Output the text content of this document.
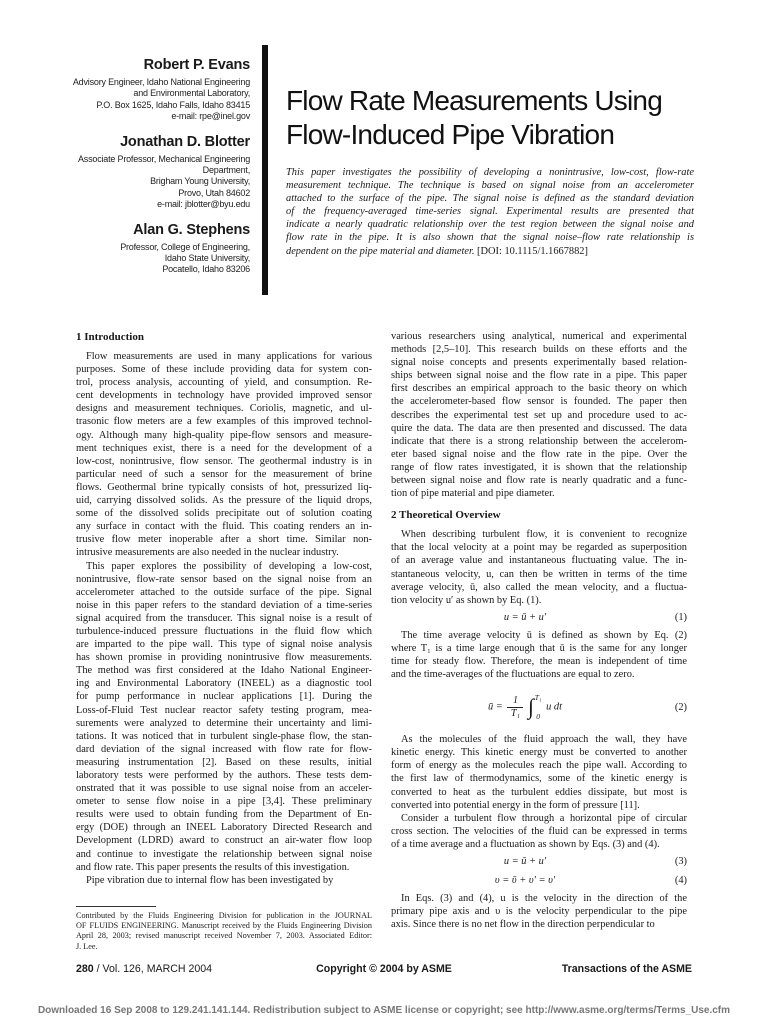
Robert P. Evans
Advisory Engineer, Idaho National Engineering
and Environmental Laboratory,
P.O. Box 1625, Idaho Falls, Idaho 83415
e-mail: rpe@inel.gov
Jonathan D. Blotter
Associate Professor, Mechanical Engineering
Department,
Brigham Young University,
Provo, Utah 84602
e-mail: jblotter@byu.edu
Alan G. Stephens
Professor, College of Engineering,
Idaho State University,
Pocatello, Idaho 83206
Flow Rate Measurements Using
Flow-Induced Pipe Vibration
This paper investigates the possibility of developing a nonintrusive, low-cost, flow-rate
measurement technique. The technique is based on signal noise from an accelerometer
attached to the surface of the pipe. The signal noise is defined as the standard deviation
of the frequency-averaged time-series signal. Experimental results are presented that
indicate a nearly quadratic relationship over the test region between the signal noise and
flow rate in the pipe. It is also shown that the signal noise–flow rate relationship is
dependent on the pipe material and diameter. [DOI: 10.1115/1.1667882]
1 Introduction
Flow measurements are used in many applications for various
purposes. Some of these include providing data for system con-
trol, process analysis, accounting of yield, and consumption. Re-
cent developments in technology have provided improved sensor
designs and measurement techniques. Coriolis, magnetic, and ul-
trasonic flow meters are a few examples of this improved technol-
ogy. Although many high-quality pipe-flow sensors and measure-
ment techniques exist, there is a need for the development of a
low-cost, nonintrusive, flow sensor. The geothermal industry is in
particular need of such a sensor for the measurement of brine
flows. Geothermal brine typically consists of hot, pressurized liq-
uid, carrying dissolved solids. As the pressure of the liquid drops,
some of the dissolved solids precipitate out of solution coating
any surface in contact with the fluid. This coating renders an in-
trusive flow meter inoperable after a short time. Similar non-
intrusive measurements are also needed in the nuclear industry.
This paper explores the possibility of developing a low-cost,
nonintrusive, flow-rate sensor based on the signal noise from an
accelerometer attached to the outside surface of the pipe. Signal
noise in this paper refers to the standard deviation of a time-series
signal acquired from the transducer. This signal noise is a result of
turbulence-induced pressure fluctuations in the fluid flow which
are imparted to the pipe wall. This type of signal noise analysis
has shown promise in providing nonintrusive flow measurements.
The method was first considered at the Idaho National Engineer-
ing and Environmental Laboratory (INEEL) as a diagnostic tool
for pump performance in nuclear applications [1]. During the
Loss-of-Fluid Test nuclear reactor safety testing program, mea-
surements were analyzed to determine their uncertainty and limi-
tations. It was noticed that in turbulent single-phase flow, the stan-
dard deviation of the signal increased with flow rate for flow-
measuring instrumentation [2]. Based on these results, initial
laboratory tests were performed by the authors. These tests dem-
onstrated that it was possible to use signal noise from an acceler-
ometer to sense flow noise in a pipe [3,4]. These preliminary
results were used to obtain funding from the Department of En-
ergy (DOE) through an INEEL Laboratory Directed Research and
Development (LDRD) award to construct an air-water flow loop
and continue to investigate the relationship between signal noise
and flow rate. This paper presents the results of this investigation.
Pipe vibration due to internal flow has been investigated by
Contributed by the Fluids Engineering Division for publication in the JOURNAL
OF FLUIDS ENGINEERING. Manuscript received by the Fluids Engineering Division
April 28, 2003; revised manuscript received November 7, 2003. Associated Editor:
J. Lee.
various researchers using analytical, numerical and experimental
methods [2,5–10]. This research builds on these efforts and the
signal noise concepts and presents experimentally based relation-
ships between signal noise and the flow rate in a pipe. This paper
first describes an empirical approach to the basic theory on which
the accelerometer-based flow sensor is founded. The paper then
describes the experimental test set up and procedure used to ac-
quire the data. The data are then presented and discussed. The data
indicate that there is a strong relationship between the accelerom-
eter based signal noise and the flow rate in the pipe. Over the
range of flow rates investigated, it is shown that the relationship
between signal noise and flow rate is nearly quadratic and a func-
tion of pipe material and pipe diameter.
2 Theoretical Overview
When describing turbulent flow, it is convenient to recognize
that the local velocity at a point may be regarded as superposition
of an average value and instantaneous fluctuating value. The in-
stantaneous velocity, u, can then be written in terms of the time
average velocity, ū, also called the mean velocity, and a fluctua-
tion velocity u′ as shown by Eq. (1).
u = ū + u′	(1)
The time average velocity ū is defined as shown by Eq. (2)
where T₁ is a time large enough that ū is the same for any longer
time for steady flow. Therefore, the mean is independent of time
and the time-averages of the fluctuations are equal to zero.
ū = $\frac{1}{\text{T₁}}$ ∫ T₁
0
u dt	(2)
As the molecules of the fluid approach the wall, they have
kinetic energy. This kinetic energy must be converted to another
form of energy as the molecules reach the pipe wall. According to
the first law of thermodynamics, some of the kinetic energy is
converted to heat as the turbulent eddies dissipate, but most is
converted into potential energy in the form of pressure [11].
Consider a turbulent flow through a horizontal pipe of circular
cross section. The velocities of the fluid can be expressed in terms
of a time average and a fluctuation as shown by Eqs. (3) and (4).
u = ū + u′	(3)
υ = ῡ + υ′ = υ′	(4)
In Eqs. (3) and (4), u is the velocity in the direction of the
primary pipe axis and υ is the velocity perpendicular to the pipe
axis. Since there is no net flow in the direction perpendicular to
280 / Vol. 126, MARCH 2004	Copyright © 2004 by ASME	Transactions of the ASME
Downloaded 16 Sep 2008 to 129.241.141.144. Redistribution subject to ASME license or copyright; see http://www.asme.org/terms/Terms_Use.cfm
